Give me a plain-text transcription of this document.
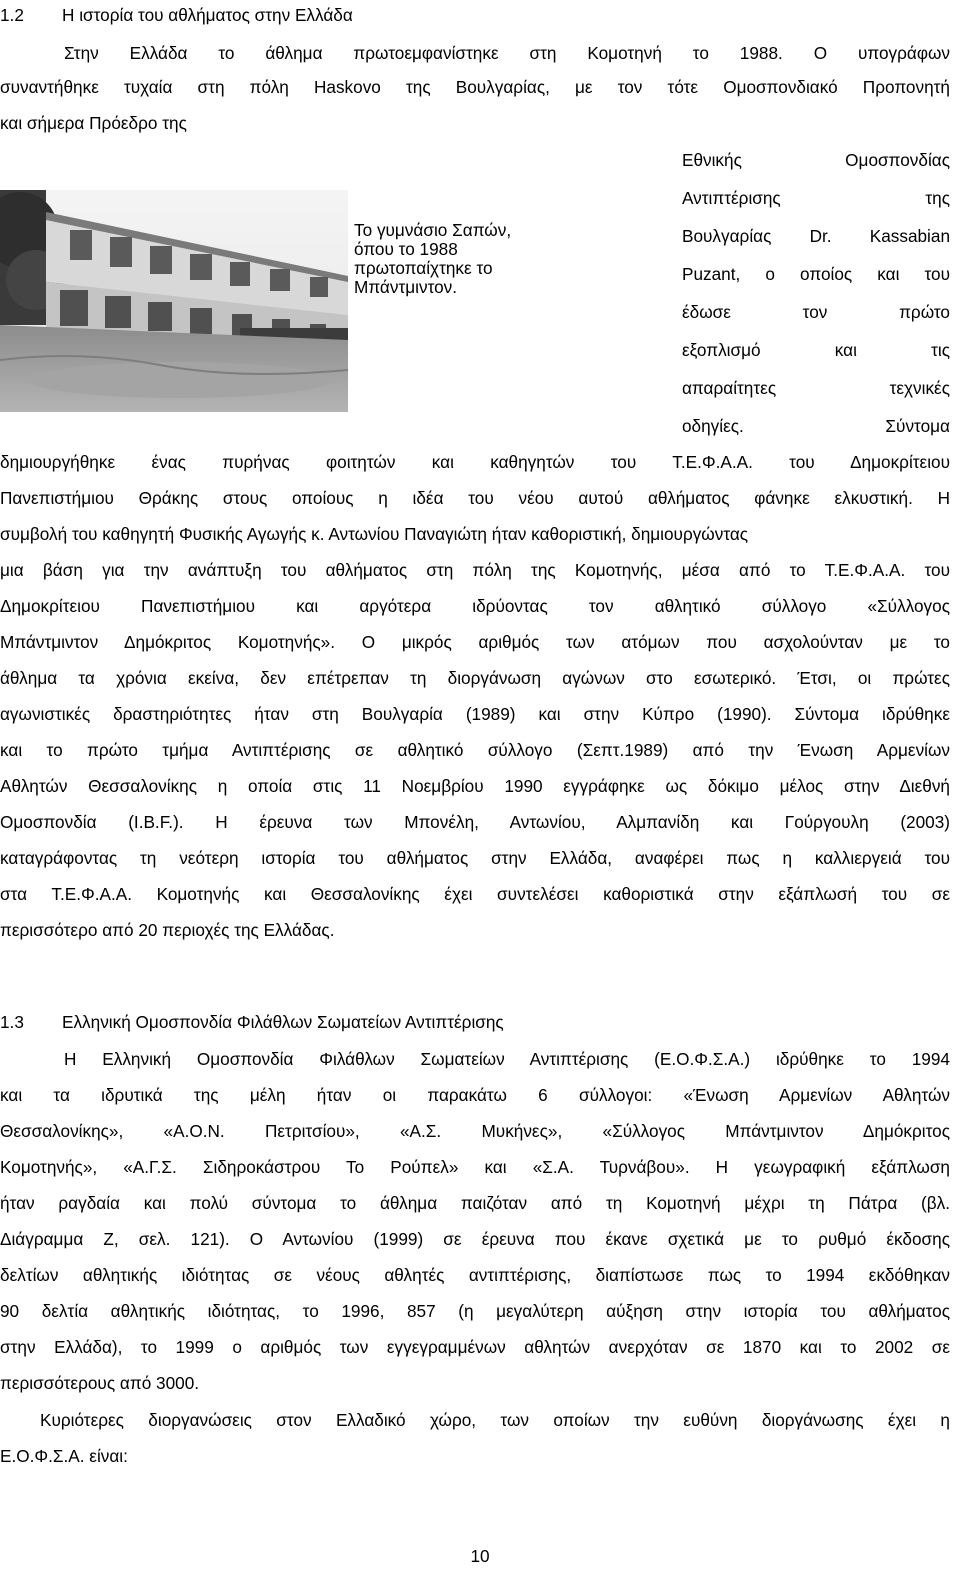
1.2 Η ιστορία του αθλήματος στην Ελλάδα
Στην Ελλάδα το άθλημα πρωτοεμφανίστηκε στη Κομοτηνή το 1988. Ο υπογράφων
συναντήθηκε τυχαία στη πόλη Haskovo της Βουλγαρίας, με τον τότε Ομοσπονδιακό Προπονητή
και σήμερα Πρόεδρο της
Το γυμνάσιο Σαπών,
όπου το 1988
πρωτοπαίχτηκε το
Μπάντμιντον.
Εθνικής Ομοσπονδίας
Αντιπτέρισης της
Βουλγαρίας Dr. Kassabian
Puzant, ο οποίος και του
έδωσε τον πρώτο
εξοπλισμό και τις
απαραίτητες τεχνικές
οδηγίες. Σύντομα
δημιουργήθηκε ένας πυρήνας φοιτητών και καθηγητών του Τ.Ε.Φ.Α.Α. του Δημοκρίτειου
Πανεπιστήμιου Θράκης στους οποίους η ιδέα του νέου αυτού αθλήματος φάνηκε ελκυστική. Η
συμβολή του καθηγητή Φυσικής Αγωγής κ. Αντωνίου Παναγιώτη ήταν καθοριστική, δημιουργώντας
μια βάση για την ανάπτυξη του αθλήματος στη πόλη της Κομοτηνής, μέσα από το Τ.Ε.Φ.Α.Α. του
Δημοκρίτειου Πανεπιστήμιου και αργότερα ιδρύοντας τον αθλητικό σύλλογο «Σύλλογος
Μπάντμιντον Δημόκριτος Κομοτηνής». Ο μικρός αριθμός των ατόμων που ασχολούνταν με το
άθλημα τα χρόνια εκείνα, δεν επέτρεπαν τη διοργάνωση αγώνων στο εσωτερικό. Έτσι, οι πρώτες
αγωνιστικές δραστηριότητες ήταν στη Βουλγαρία (1989) και στην Κύπρο (1990). Σύντομα ιδρύθηκε
και το πρώτο τμήμα Αντιπτέρισης σε αθλητικό σύλλογο (Σεπτ.1989) από την Ένωση Αρμενίων
Αθλητών Θεσσαλονίκης η οποία στις 11 Νοεμβρίου 1990 εγγράφηκε ως δόκιμο μέλος στην Διεθνή
Ομοσπονδία (I.B.F.). Η έρευνα των Μπονέλη, Αντωνίου, Αλμπανίδη και Γούργουλη (2003)
καταγράφοντας τη νεότερη ιστορία του αθλήματος στην Ελλάδα, αναφέρει πως η καλλιεργειά του
στα Τ.Ε.Φ.Α.Α. Κομοτηνής και Θεσσαλονίκης έχει συντελέσει καθοριστικά στην εξάπλωσή του σε
περισσότερο από 20 περιοχές της Ελλάδας.
1.3 Ελληνική Ομοσπονδία Φιλάθλων Σωματείων Αντιπτέρισης
Η Ελληνική Ομοσπονδία Φιλάθλων Σωματείων Αντιπτέρισης (Ε.Ο.Φ.Σ.Α.) ιδρύθηκε το 1994
και τα ιδρυτικά της μέλη ήταν οι παρακάτω 6 σύλλογοι: «Ένωση Αρμενίων Αθλητών
Θεσσαλονίκης», «Α.Ο.Ν. Πετριτσίου», «Α.Σ. Μυκήνες», «Σύλλογος Μπάντμιντον Δημόκριτος
Κομοτηνής», «Α.Γ.Σ. Σιδηροκάστρου Το Ρούπελ» και «Σ.Α. Τυρνάβου». Η γεωγραφική εξάπλωση
ήταν ραγδαία και πολύ σύντομα το άθλημα παιζόταν από τη Κομοτηνή μέχρι τη Πάτρα (βλ.
Διάγραμμα Ζ, σελ. 121). Ο Αντωνίου (1999) σε έρευνα που έκανε σχετικά με το ρυθμό έκδοσης
δελτίων αθλητικής ιδιότητας σε νέους αθλητές αντιπτέρισης, διαπίστωσε πως το 1994 εκδόθηκαν
90 δελτία αθλητικής ιδιότητας, το 1996, 857 (η μεγαλύτερη αύξηση στην ιστορία του αθλήματος
στην Ελλάδα), το 1999 ο αριθμός των εγγεγραμμένων αθλητών ανερχόταν σε 1870 και το 2002 σε
περισσότερους από 3000.
Κυριότερες διοργανώσεις στον Ελλαδικό χώρο, των οποίων την ευθύνη διοργάνωσης έχει η
Ε.Ο.Φ.Σ.Α. είναι:
10
